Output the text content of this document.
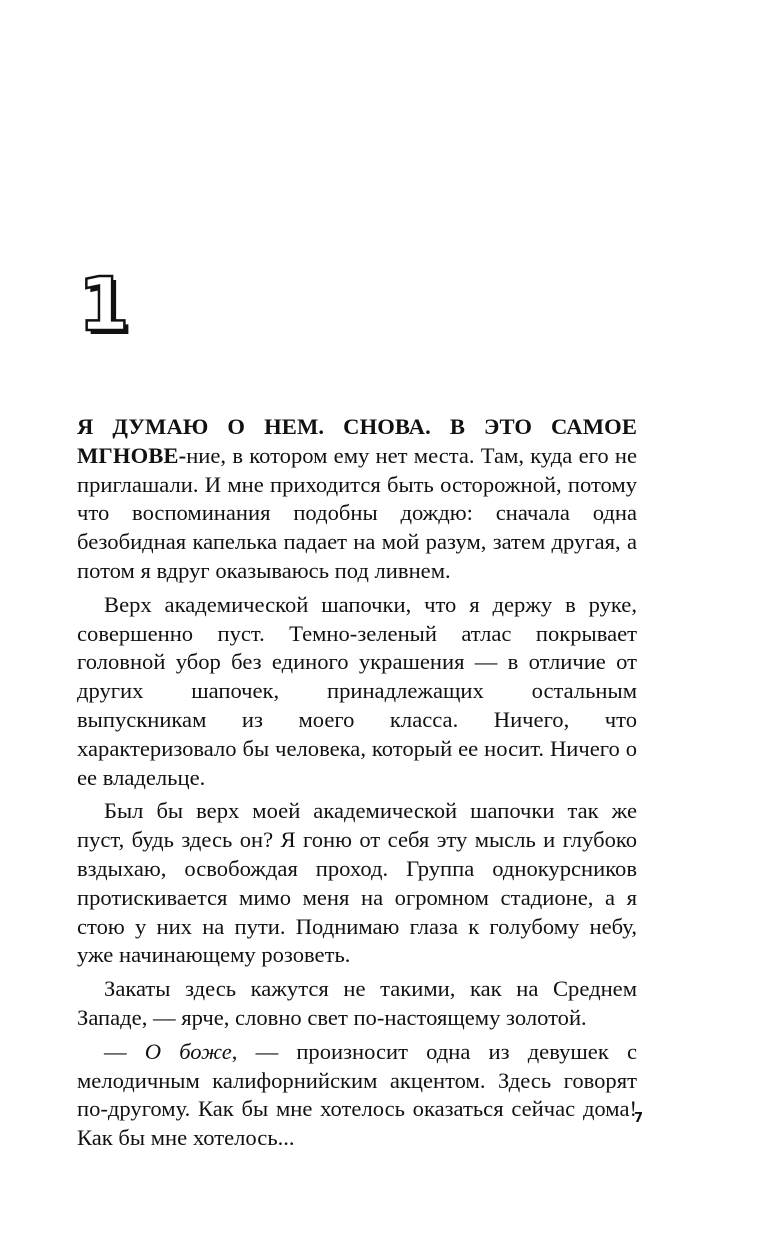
1

Я ДУМАЮ О НЕМ. СНОВА. В ЭТО САМОЕ МГНОВЕ-ние, в котором ему нет места. Там, куда его не приглашали. И мне приходится быть осторожной, потому что воспоминания подобны дождю: сначала одна безобидная капелька падает на мой разум, затем другая, а потом я вдруг оказываюсь под ливнем.

Верх академической шапочки, что я держу в руке, совершенно пуст. Темно-зеленый атлас покрывает головной убор без единого украшения — в отличие от других шапочек, принадлежащих остальным выпускникам из моего класса. Ничего, что характеризовало бы человека, который ее носит. Ничего о ее владельце.

Был бы верх моей академической шапочки так же пуст, будь здесь он? Я гоню от себя эту мысль и глубоко вздыхаю, освобождая проход. Группа однокурсников протискивается мимо меня на огромном стадионе, а я стою у них на пути. Поднимаю глаза к голубому небу, уже начинающему розоветь.

Закаты здесь кажутся не такими, как на Среднем Западе, — ярче, словно свет по-настоящему золотой.

— О боже, — произносит одна из девушек с мелодичным калифорнийским акцентом. Здесь говорят по-другому. Как бы мне хотелось оказаться сейчас дома! Как бы мне хотелось...

7
